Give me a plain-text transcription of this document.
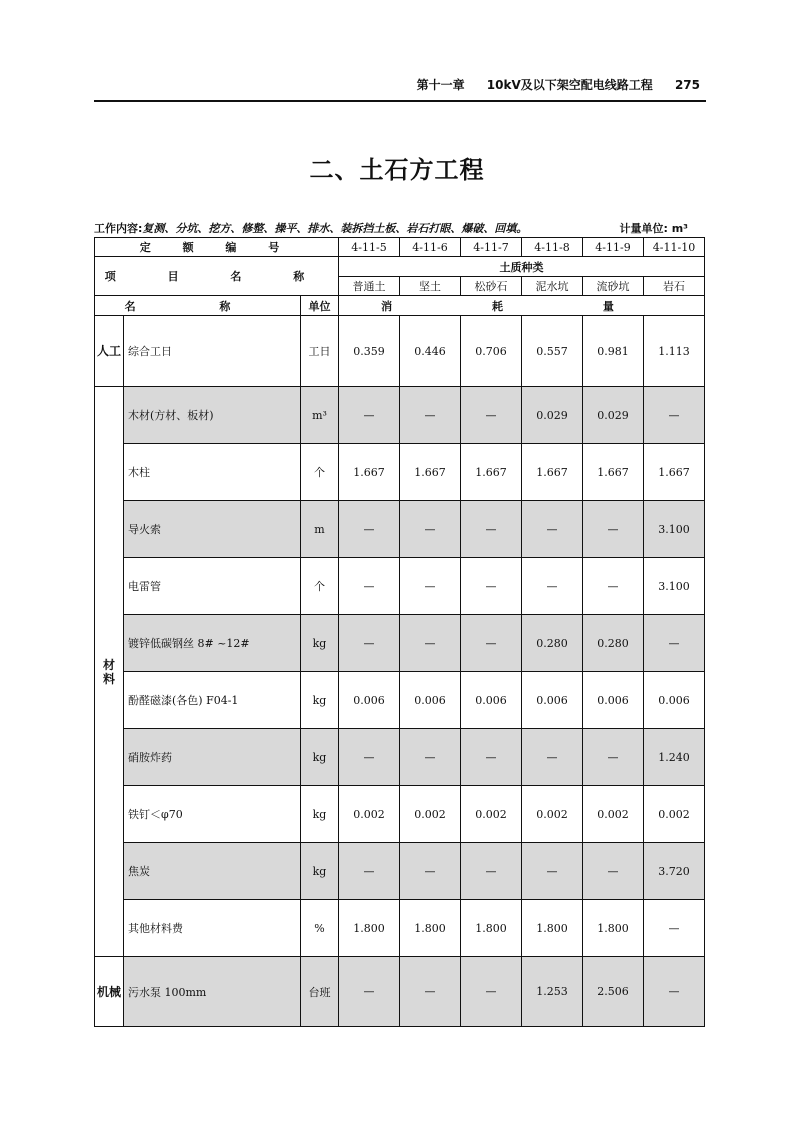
第十一章 10kV及以下架空配电线路工程 275
二、土石方工程
工作内容:复测、分坑、挖方、修整、操平、排水、装拆挡土板、岩石打眼、爆破、回填。	计量单位: m³
定 额 编 号			4-11-5	4-11-6	4-11-7	4-11-8	4-11-9	4-11-10
项 目 名 称			土质种类					
			普通土	坚土	松砂石	泥水坑	流砂坑	岩石
名 称		单位	消 耗 量					
人工	综合工日	工日	0.359	0.446	0.706	0.557	0.981	1.113

材
料	木材(方材、板材)	m³	—	—	—	0.029	0.029	—
	木柱	个	1.667	1.667	1.667	1.667	1.667	1.667
	导火索	m	—	—	—	—	—	3.100
	电雷管	个	—	—	—	—	—	3.100
	镀锌低碳钢丝 8# ~12#	kg	—	—	—	0.280	0.280	—
	酚醛磁漆(各色) F04-1	kg	0.006	0.006	0.006	0.006	0.006	0.006
	硝胺炸药	kg	—	—	—	—	—	1.240
	铁钉＜φ70	kg	0.002	0.002	0.002	0.002	0.002	0.002
	焦炭	kg	—	—	—	—	—	3.720
	其他材料费	%	1.800	1.800	1.800	1.800	1.800	—
机械	污水泵 100mm	台班	—	—	—	1.253	2.506	—
